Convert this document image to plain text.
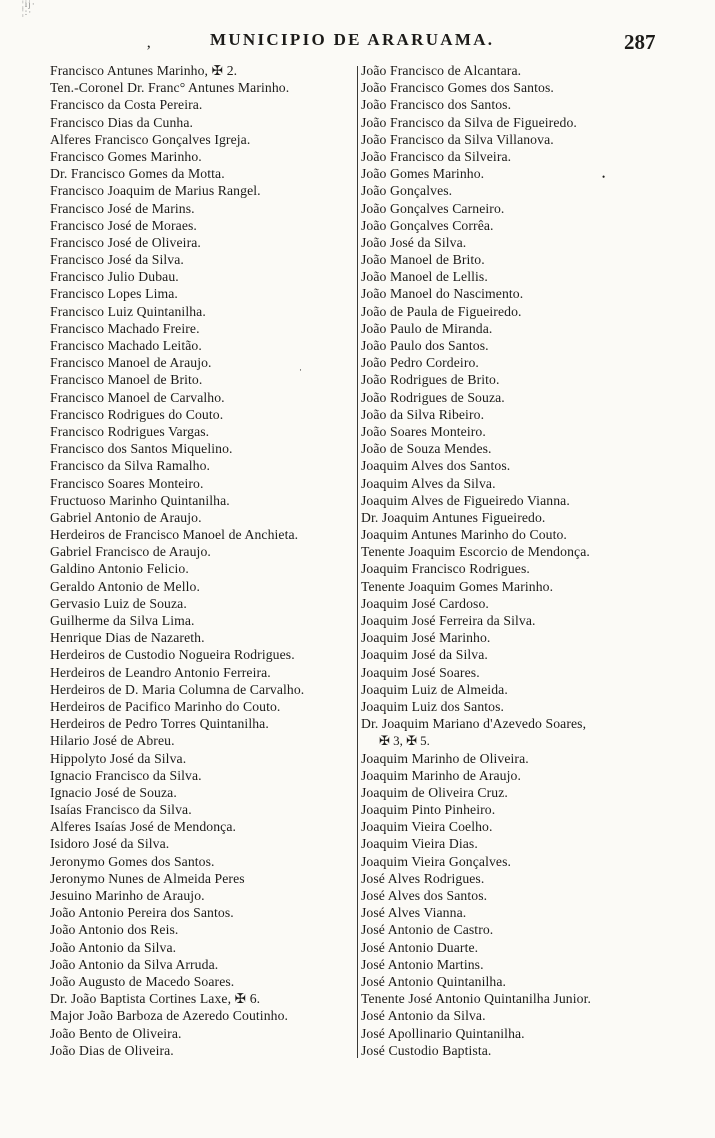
¦ij· ¦:·
‚	MUNICIPIO DE ARARUAMA.	287
Francisco Antunes Marinho, ✠ 2.
Ten.-Coronel Dr. Franc° Antunes Marinho.
Francisco da Costa Pereira.
Francisco Dias da Cunha.
Alferes Francisco Gonçalves Igreja.
Francisco Gomes Marinho.
Dr. Francisco Gomes da Motta.
Francisco Joaquim de Marius Rangel.
Francisco José de Marins.
Francisco José de Moraes.
Francisco José de Oliveira.
Francisco José da Silva.
Francisco Julio Dubau.
Francisco Lopes Lima.
Francisco Luiz Quintanilha.
Francisco Machado Freire.
Francisco Machado Leitão.
Francisco Manoel de Araujo.
Francisco Manoel de Brito.
Francisco Manoel de Carvalho.
Francisco Rodrigues do Couto.
Francisco Rodrigues Vargas.
Francisco dos Santos Miquelino.
Francisco da Silva Ramalho.
Francisco Soares Monteiro.
Fructuoso Marinho Quintanilha.
Gabriel Antonio de Araujo.
Herdeiros de Francisco Manoel de Anchieta.
Gabriel Francisco de Araujo.
Galdino Antonio Felicio.
Geraldo Antonio de Mello.
Gervasio Luiz de Souza.
Guilherme da Silva Lima.
Henrique Dias de Nazareth.
Herdeiros de Custodio Nogueira Rodrigues.
Herdeiros de Leandro Antonio Ferreira.
Herdeiros de D. Maria Columna de Carvalho.
Herdeiros de Pacifico Marinho do Couto.
Herdeiros de Pedro Torres Quintanilha.
Hilario José de Abreu.
Hippolyto José da Silva.
Ignacio Francisco da Silva.
Ignacio José de Souza.
Isaías Francisco da Silva.
Alferes Isaías José de Mendonça.
Isidoro José da Silva.
Jeronymo Gomes dos Santos.
Jeronymo Nunes de Almeida Peres
Jesuino Marinho de Araujo.
João Antonio Pereira dos Santos.
João Antonio dos Reis.
João Antonio da Silva.
João Antonio da Silva Arruda.
João Augusto de Macedo Soares.
Dr. João Baptista Cortines Laxe, ✠ 6.
Major João Barboza de Azeredo Coutinho.
João Bento de Oliveira.
João Dias de Oliveira.
João Francisco de Alcantara.
João Francisco Gomes dos Santos.
João Francisco dos Santos.
João Francisco da Silva de Figueiredo.
João Francisco da Silva Villanova.
João Francisco da Silveira.
João Gomes Marinho.
João Gonçalves.
João Gonçalves Carneiro.
João Gonçalves Corrêa.
João José da Silva.
João Manoel de Brito.
João Manoel de Lellis.
João Manoel do Nascimento.
João de Paula de Figueiredo.
João Paulo de Miranda.
João Paulo dos Santos.
João Pedro Cordeiro.
João Rodrigues de Brito.
João Rodrigues de Souza.
João da Silva Ribeiro.
João Soares Monteiro.
João de Souza Mendes.
Joaquim Alves dos Santos.
Joaquim Alves da Silva.
Joaquim Alves de Figueiredo Vianna.
Dr. Joaquim Antunes Figueiredo.
Joaquim Antunes Marinho do Couto.
Tenente Joaquim Escorcio de Mendonça.
Joaquim Francisco Rodrigues.
Tenente Joaquim Gomes Marinho.
Joaquim José Cardoso.
Joaquim José Ferreira da Silva.
Joaquim José Marinho.
Joaquim José da Silva.
Joaquim José Soares.
Joaquim Luiz de Almeida.
Joaquim Luiz dos Santos.
Dr. Joaquim Mariano d'Azevedo Soares,
✠ 3, ✠ 5.
Joaquim Marinho de Oliveira.
Joaquim Marinho de Araujo.
Joaquim de Oliveira Cruz.
Joaquim Pinto Pinheiro.
Joaquim Vieira Coelho.
Joaquim Vieira Dias.
Joaquim Vieira Gonçalves.
José Alves Rodrigues.
José Alves dos Santos.
José Alves Vianna.
José Antonio de Castro.
José Antonio Duarte.
José Antonio Martins.
José Antonio Quintanilha.
Tenente José Antonio Quintanilha Junior.
José Antonio da Silva.
José Apollinario Quintanilha.
José Custodio Baptista.
·
•
